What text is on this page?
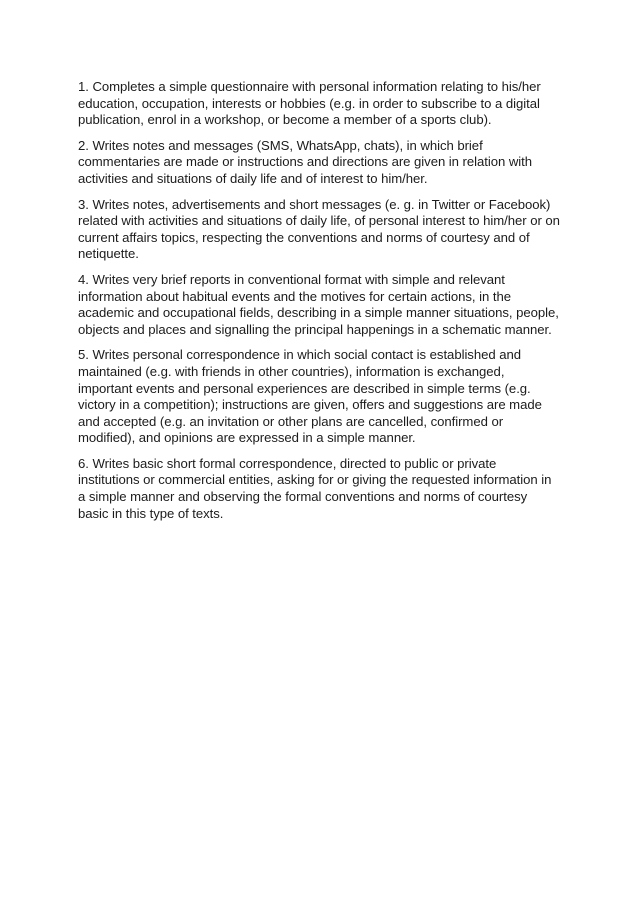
1. Completes a simple questionnaire with personal information relating to his/her education, occupation, interests or hobbies (e.g. in order to subscribe to a digital publication, enrol in a workshop, or become a member of a sports club).

2. Writes notes and messages (SMS, WhatsApp, chats), in which brief commentaries are made or instructions and directions are given in relation with activities and situations of daily life and of interest to him/her.

3. Writes notes, advertisements and short messages (e. g. in Twitter or Facebook) related with activities and situations of daily life, of personal interest to him/her or on current affairs topics, respecting the conventions and norms of courtesy and of netiquette.

4. Writes very brief reports in conventional format with simple and relevant information about habitual events and the motives for certain actions, in the academic and occupational fields, describing in a simple manner situations, people, objects and places and signalling the principal happenings in a schematic manner.

5. Writes personal correspondence in which social contact is established and maintained (e.g. with friends in other countries), information is exchanged, important events and personal experiences are described in simple terms (e.g. victory in a competition); instructions are given, offers and suggestions are made and accepted (e.g. an invitation or other plans are cancelled, confirmed or modified), and opinions are expressed in a simple manner.

6. Writes basic short formal correspondence, directed to public or private institutions or commercial entities, asking for or giving the requested information in a simple manner and observing the formal conventions and norms of courtesy basic in this type of texts.
